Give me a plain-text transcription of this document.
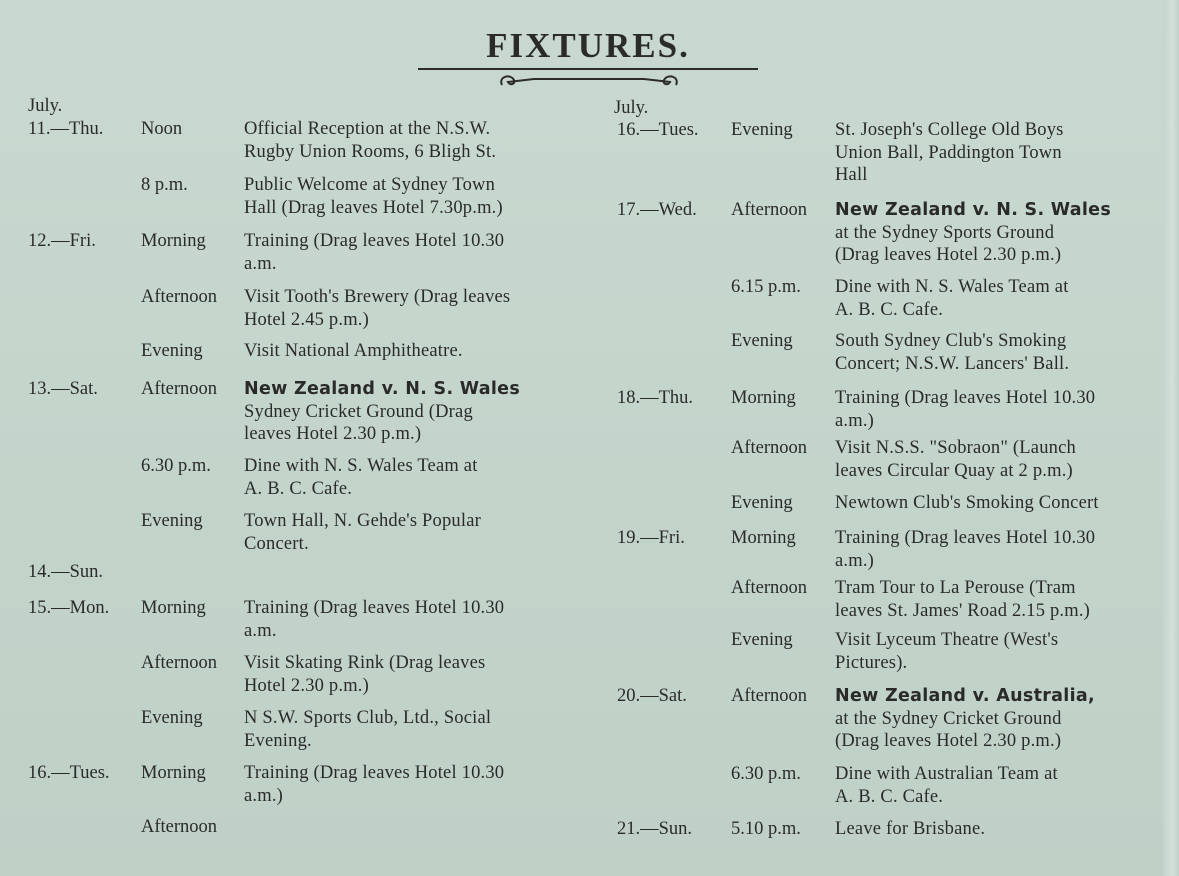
FIXTURES.
July.
11.—Thu. Noon	Official Reception at the N.S.W.
Rugby Union Rooms, 6 Bligh St.
8 p.m.	Public Welcome at Sydney Town
Hall (Drag leaves Hotel 7.30p.m.)
12.—Fri. Morning Training (Drag leaves Hotel 10.30
a.m.
Afternoon Visit Tooth's Brewery (Drag leaves
Hotel 2.45 p.m.)
Evening Visit National Amphitheatre.
13.—Sat. Afternoon New Zealand v. N. S. Wales
Sydney Cricket Ground (Drag
leaves Hotel 2.30 p.m.)
6.30 p.m. Dine with N. S. Wales Team at
A. B. C. Cafe.
Evening Town Hall, N. Gehde's Popular
Concert.
14.—Sun.
15.—Mon. Morning Training (Drag leaves Hotel 10.30
a.m.
Afternoon Visit Skating Rink (Drag leaves
Hotel 2.30 p.m.)
Evening N S.W. Sports Club, Ltd., Social
Evening.
16.—Tues. Morning Training (Drag leaves Hotel 10.30
a.m.)
Afternoon
July.
16.—Tues. Evening St. Joseph's College Old Boys
Union Ball, Paddington Town
Hall
17.—Wed. Afternoon New Zealand v. N. S. Wales
at the Sydney Sports Ground
(Drag leaves Hotel 2.30 p.m.)
6.15 p.m. Dine with N. S. Wales Team at
A. B. C. Cafe.
Evening South Sydney Club's Smoking
Concert; N.S.W. Lancers' Ball.
18.—Thu. Morning Training (Drag leaves Hotel 10.30
a.m.)
Afternoon Visit N.S.S. "Sobraon" (Launch
leaves Circular Quay at 2 p.m.)
Evening Newtown Club's Smoking Concert
19.—Fri. Morning Training (Drag leaves Hotel 10.30
a.m.)
Afternoon Tram Tour to La Perouse (Tram
leaves St. James' Road 2.15 p.m.)
Evening Visit Lyceum Theatre (West's
Pictures).
20.—Sat. Afternoon New Zealand v. Australia,
at the Sydney Cricket Ground
(Drag leaves Hotel 2.30 p.m.)
6.30 p.m. Dine with Australian Team at
A. B. C. Cafe.
21.—Sun. 5.10 p.m. Leave for Brisbane.
